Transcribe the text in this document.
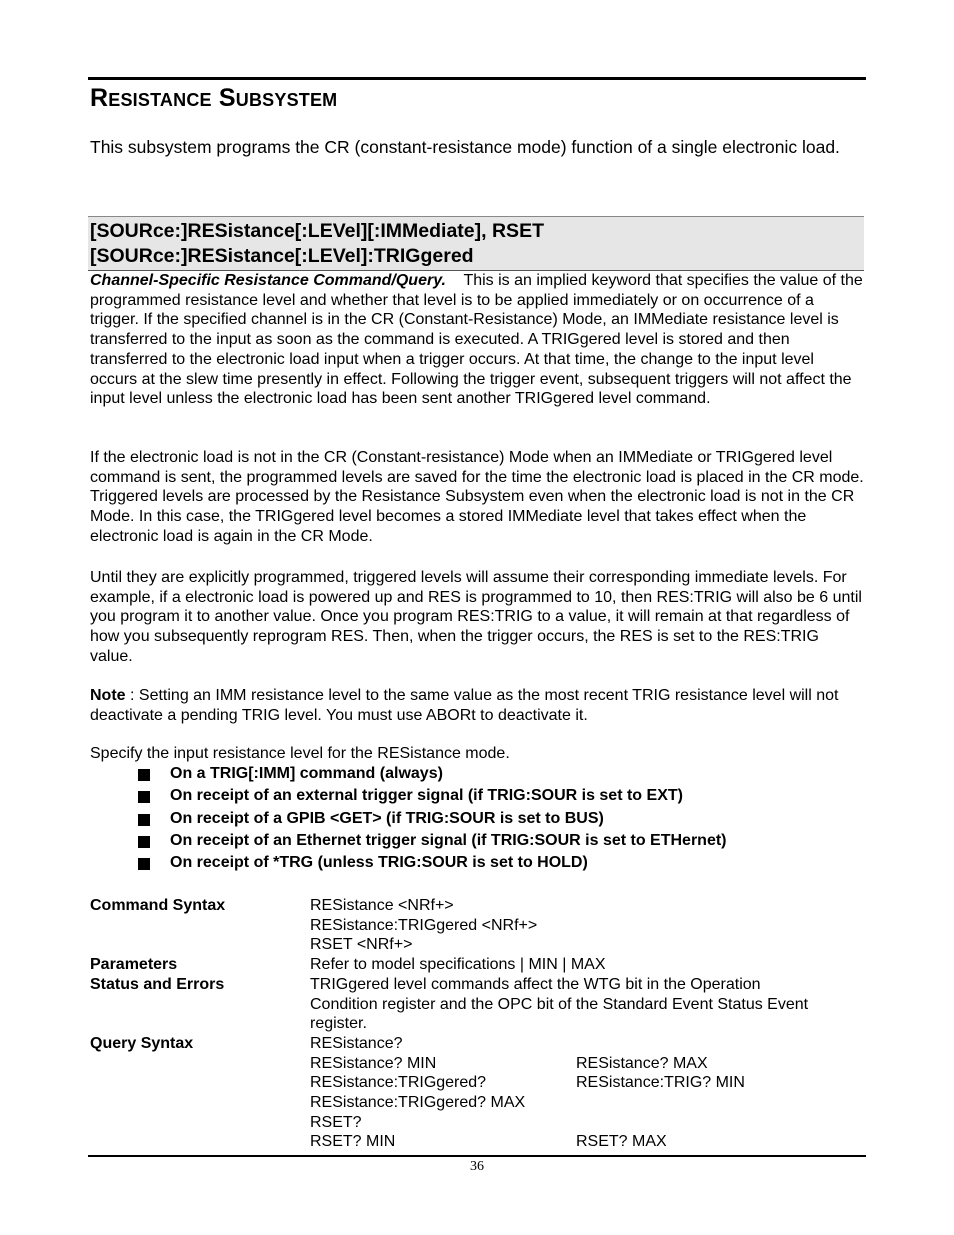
Resistance Subsystem

This subsystem programs the CR (constant-resistance mode) function of a single electronic load.

[SOURce:]RESistance[:LEVel][:IMMediate], RSET

[SOURce:]RESistance[:LEVel]:TRIGgered

Channel-Specific Resistance Command/Query. This is an implied keyword that specifies the value of the programmed resistance level and whether that level is to be applied immediately or on occurrence of a trigger. If the specified channel is in the CR (Constant-Resistance) Mode, an IMMediate resistance level is transferred to the input as soon as the command is executed. A TRIGgered level is stored and then transferred to the electronic load input when a trigger occurs. At that time, the change to the input level occurs at the slew time presently in effect. Following the trigger event, subsequent triggers will not affect the input level unless the electronic load has been sent another TRIGgered level command.

If the electronic load is not in the CR (Constant-resistance) Mode when an IMMediate or TRIGgered level command is sent, the programmed levels are saved for the time the electronic load is placed in the CR mode. Triggered levels are processed by the Resistance Subsystem even when the electronic load is not in the CR Mode. In this case, the TRIGgered level becomes a stored IMMediate level that takes effect when the electronic load is again in the CR Mode.

Until they are explicitly programmed, triggered levels will assume their corresponding immediate levels. For example, if a electronic load is powered up and RES is programmed to 10, then RES:TRIG will also be 6 until you program it to another value. Once you program RES:TRIG to a value, it will remain at that regardless of how you subsequently reprogram RES. Then, when the trigger occurs, the RES is set to the RES:TRIG value.

Note : Setting an IMM resistance level to the same value as the most recent TRIG resistance level will not deactivate a pending TRIG level. You must use ABORt to deactivate it.

Specify the input resistance level for the RESistance mode.

On a TRIG[:IMM] command (always)
On receipt of an external trigger signal (if TRIG:SOUR is set to EXT)
On receipt of a GPIB <GET> (if TRIG:SOUR is set to BUS)
On receipt of an Ethernet trigger signal (if TRIG:SOUR is set to ETHernet)
On receipt of *TRG (unless TRIG:SOUR is set to HOLD)
Command Syntax	RESistance <NRf+>
RESistance:TRIGgered <NRf+>
RSET <NRf+>
Parameters	Refer to model specifications | MIN | MAX
Status and Errors	TRIGgered level commands affect the WTG bit in the Operation
Condition register and the OPC bit of the Standard Event Status Event
register.
Query Syntax	RESistance?
RESistance? MIN	RESistance? MAX
RESistance:TRIGgered?	RESistance:TRIG? MIN
RESistance:TRIGgered? MAX
RSET?
RSET? MIN	RSET? MAX
36
